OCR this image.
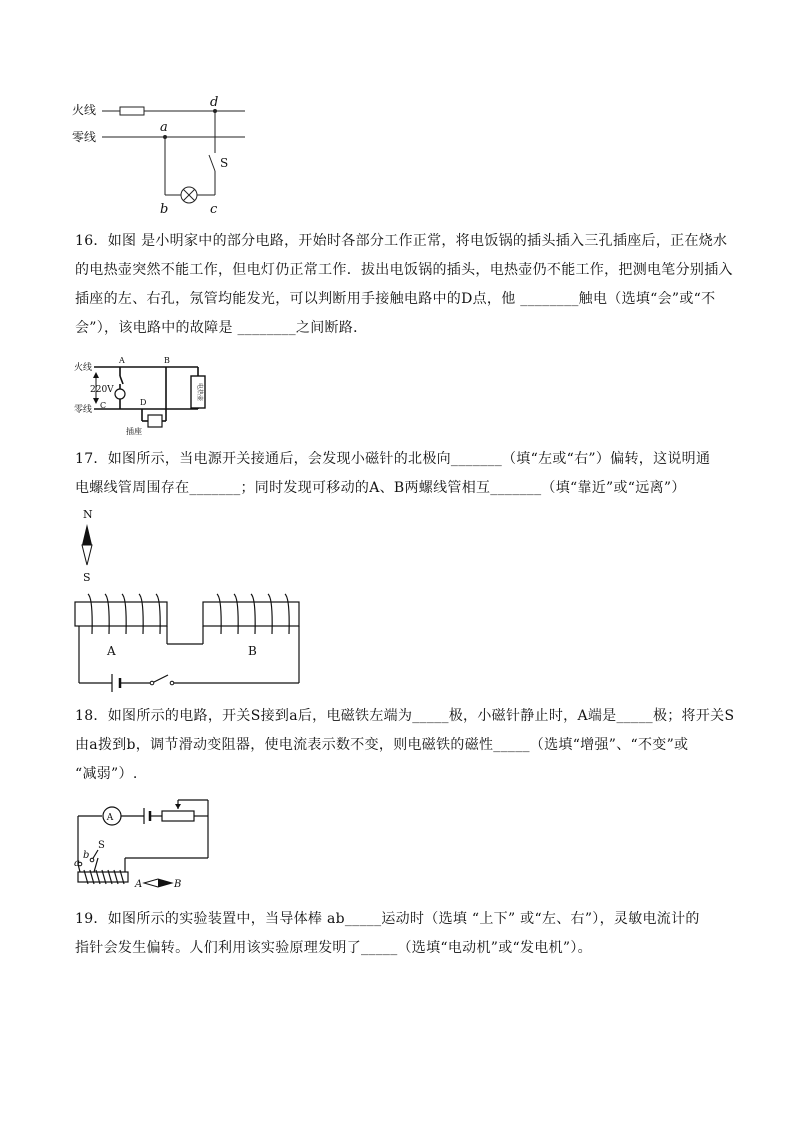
火线
零线
a
d
S
b	c

16．如图 是小明家中的部分电路，开始时各部分工作正常，将电饭锅的插头插入三孔插座后，正在烧水

的电热壶突然不能工作，但电灯仍正常工作．拔出电饭锅的插头，电热壶仍不能工作，把测电笔分别插入

插座的左、右孔，氖管均能发光，可以判断用手接触电路中的D点，他 ________触电（选填“会”或“不

会”），该电路中的故障是 ________之间断路．

火线
零线
220V
A	B
C	D
插座
电热壶

17．如图所示，当电源开关接通后，会发现小磁针的北极向_______（填“左或“右”）偏转，这说明通

电螺线管周围存在_______；同时发现可移动的A、B两螺线管相互_______（填“靠近”或“远离”）

N
S
A	B

18．如图所示的电路，开关S接到a后，电磁铁左端为_____极，小磁针静止时，A端是_____极；将开关S

由a拨到b，调节滑动变阻器，使电流表示数不变，则电磁铁的磁性_____（选填“增强”、“不变”或

“减弱”）.

A
S
a
b
A	B

19．如图所示的实验装置中，当导体棒 ab_____运动时（选填 “上下” 或“左、右”），灵敏电流计的

指针会发生偏转。人们利用该实验原理发明了_____（选填“电动机”或“发电机”）。
